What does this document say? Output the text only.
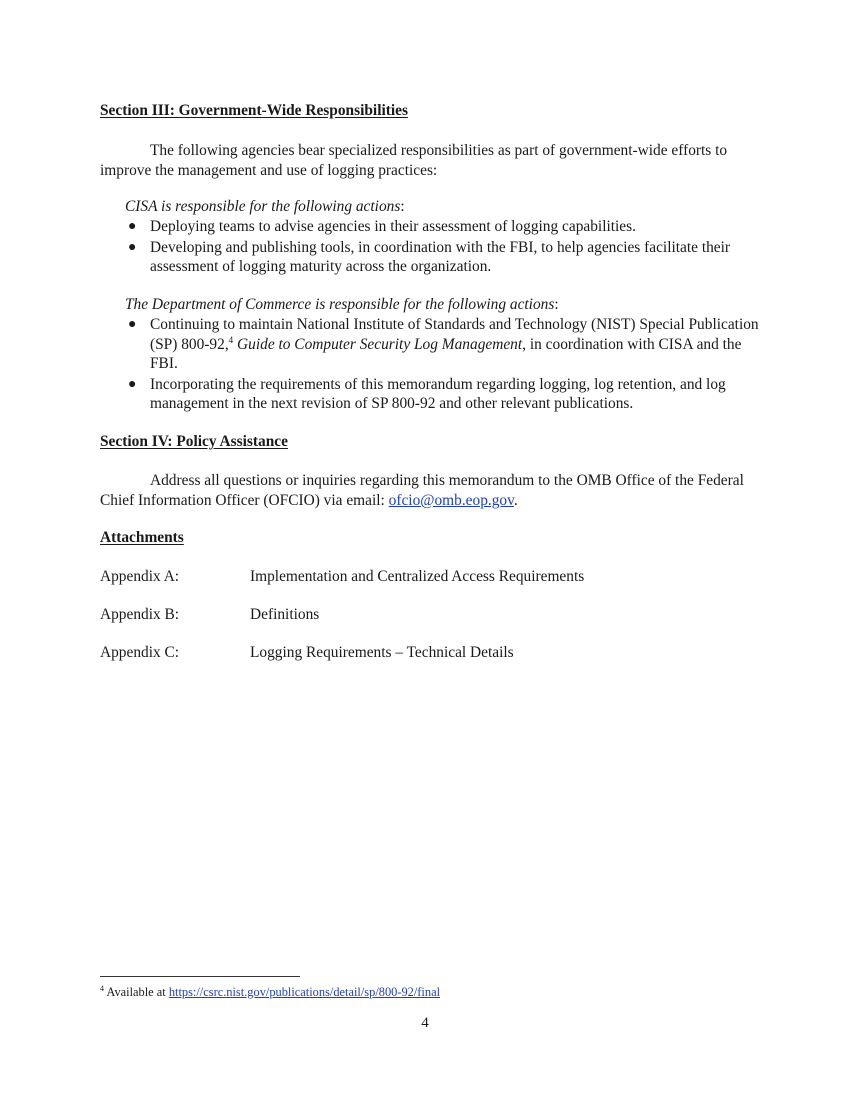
Section III: Government-Wide Responsibilities
The following agencies bear specialized responsibilities as part of government-wide efforts to improve the management and use of logging practices:
CISA is responsible for the following actions:
● Deploying teams to advise agencies in their assessment of logging capabilities.
● Developing and publishing tools, in coordination with the FBI, to help agencies facilitate their assessment of logging maturity across the organization.
The Department of Commerce is responsible for the following actions:
● Continuing to maintain National Institute of Standards and Technology (NIST) Special Publication (SP) 800-92,$^4$ Guide to Computer Security Log Management, in coordination with CISA and the FBI.
● Incorporating the requirements of this memorandum regarding logging, log retention, and log management in the next revision of SP 800-92 and other relevant publications.
Section IV: Policy Assistance
Address all questions or inquiries regarding this memorandum to the OMB Office of the Federal Chief Information Officer (OFCIO) via email: ofcio@omb.eop.gov.
Attachments
Appendix A:	Implementation and Centralized Access Requirements
Appendix B:	Definitions
Appendix C:	Logging Requirements – Technical Details
$^4$ Available at https://csrc.nist.gov/publications/detail/sp/800-92/final
4
